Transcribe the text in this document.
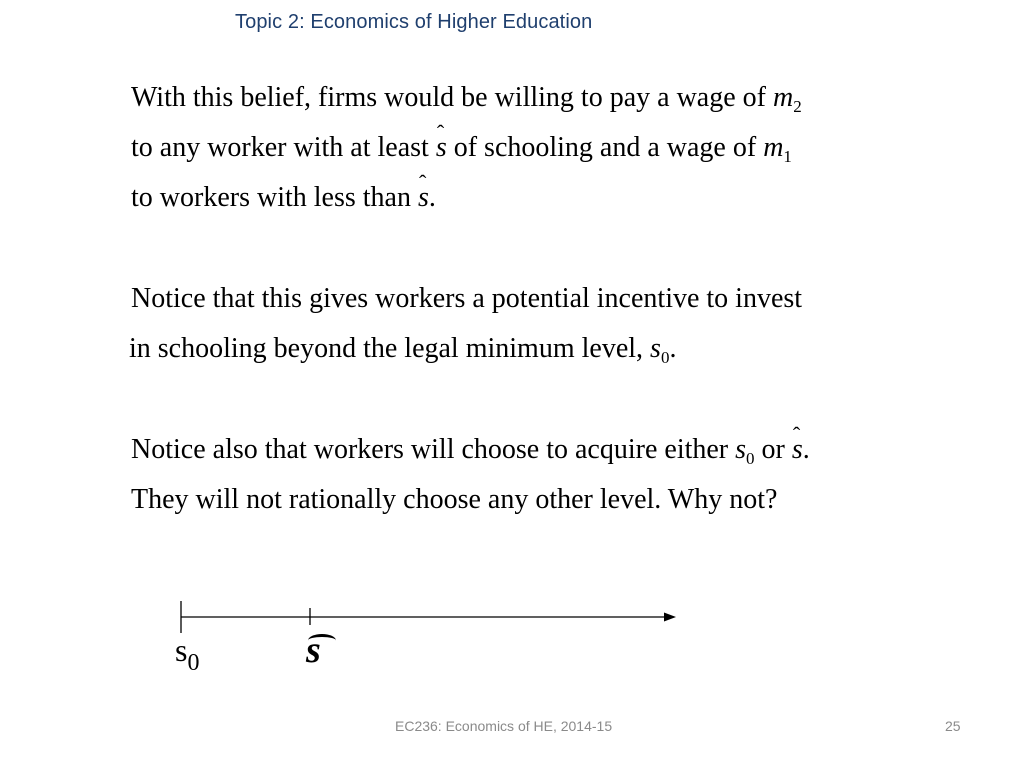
Topic 2: Economics of Higher Education
With this belief, firms would be willing to pay a wage of $m_2$
to any worker with at least ˆ s of schooling and a wage of $m_1$
to workers with less than ˆ s.
Notice that this gives workers a potential incentive to invest
in schooling beyond the legal minimum level, $s_0$.
Notice also that workers will choose to acquire either $s_0$ or ˆ s.
They will not rationally choose any other level. Why not?
$s_0$	s
EC236: Economics of HE, 2014-15	25
